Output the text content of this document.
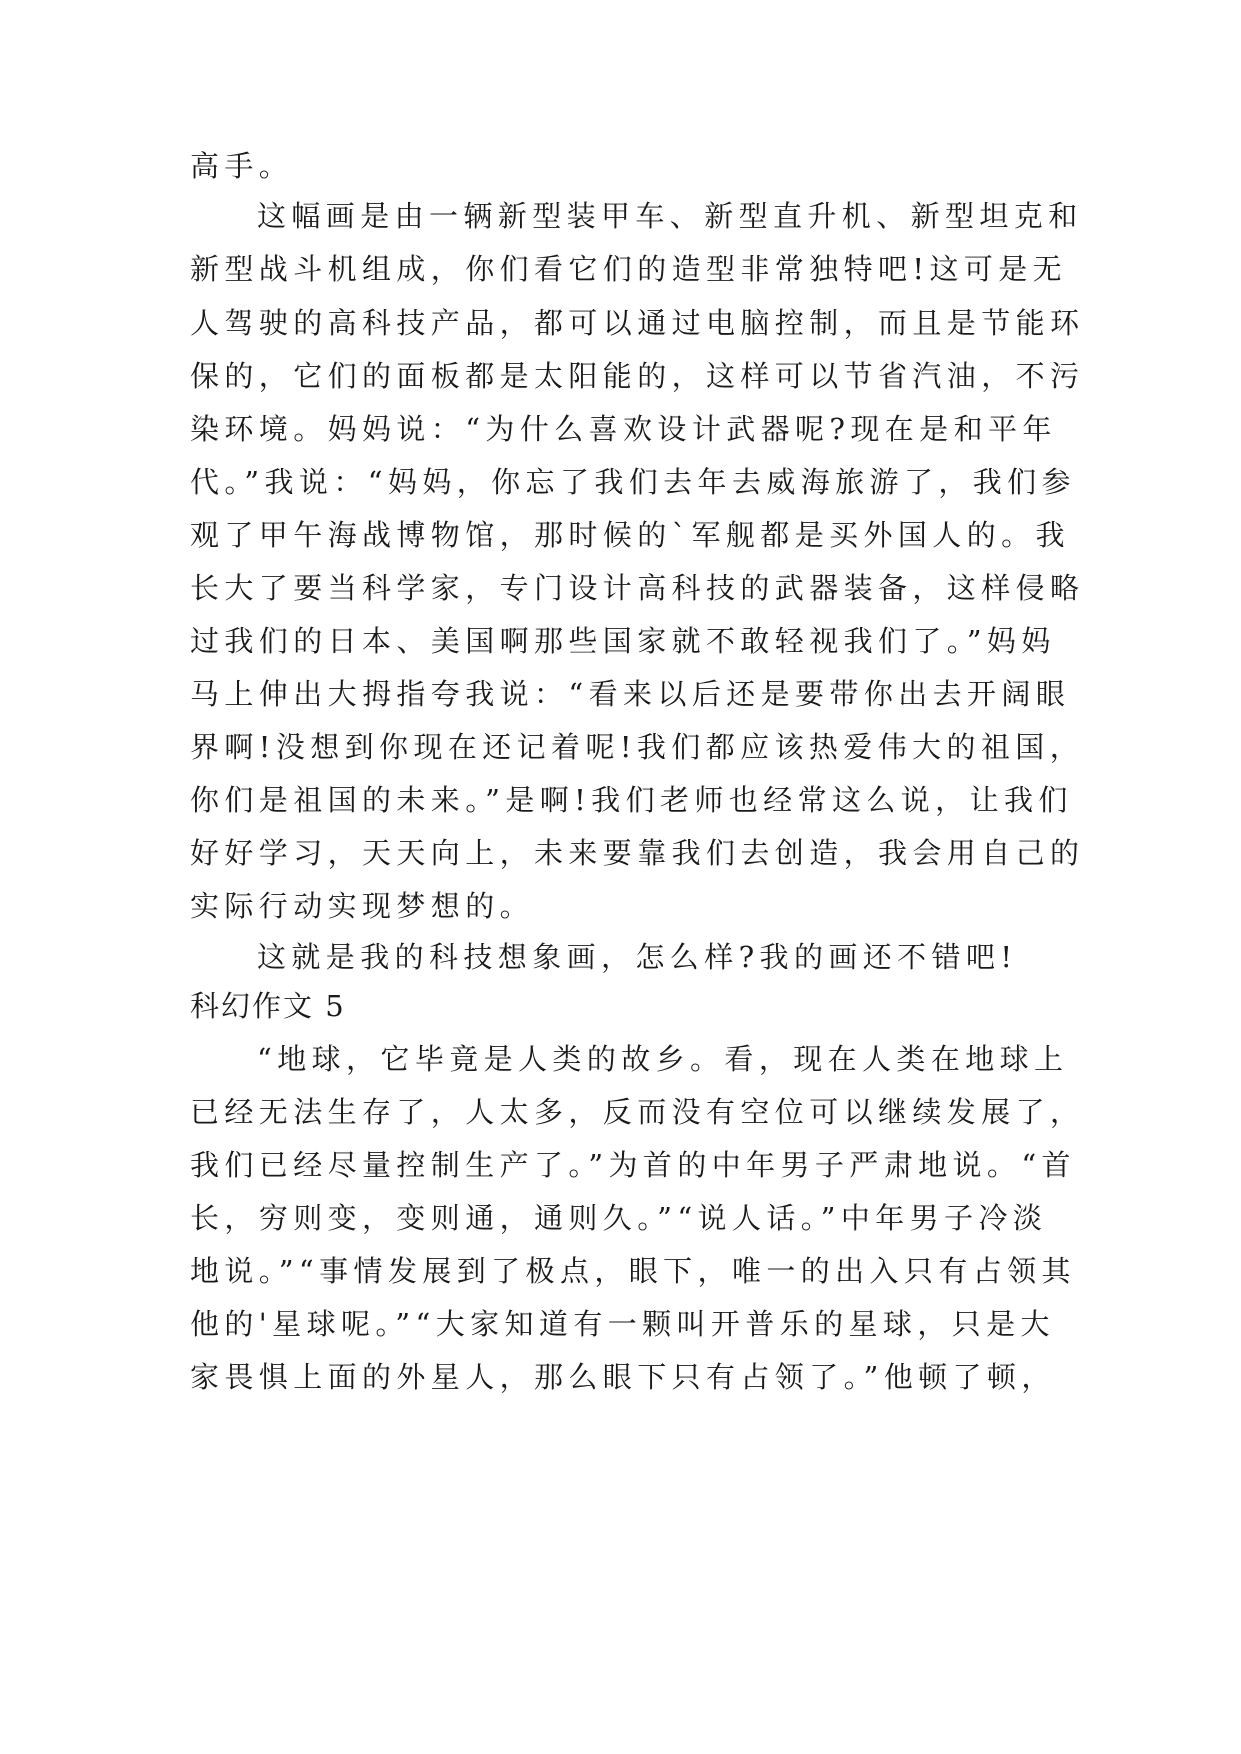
高手。

这幅画是由一辆新型装甲车、新型直升机、新型坦克和

新型战斗机组成，你们看它们的造型非常独特吧!这可是无

人驾驶的高科技产品，都可以通过电脑控制，而且是节能环

保的，它们的面板都是太阳能的，这样可以节省汽油，不污

染环境。妈妈说：“为什么喜欢设计武器呢?现在是和平年

代。”我说：“妈妈，你忘了我们去年去威海旅游了，我们参

观了甲午海战博物馆，那时候的`军舰都是买外国人的。我

长大了要当科学家，专门设计高科技的武器装备，这样侵略

过我们的日本、美国啊那些国家就不敢轻视我们了。”妈妈

马上伸出大拇指夸我说：“看来以后还是要带你出去开阔眼

界啊!没想到你现在还记着呢!我们都应该热爱伟大的祖国，

你们是祖国的未来。”是啊!我们老师也经常这么说，让我们

好好学习，天天向上，未来要靠我们去创造，我会用自己的

实际行动实现梦想的。

这就是我的科技想象画，怎么样?我的画还不错吧!

科幻作文 5

“地球，它毕竟是人类的故乡。看，现在人类在地球上

已经无法生存了，人太多，反而没有空位可以继续发展了，

我们已经尽量控制生产了。”为首的中年男子严肃地说。“首

长，穷则变，变则通，通则久。”“说人话。”中年男子冷淡

地说。”“事情发展到了极点，眼下，唯一的出入只有占领其

他的'星球呢。”“大家知道有一颗叫开普乐的星球，只是大

家畏惧上面的外星人，那么眼下只有占领了。”他顿了顿，
